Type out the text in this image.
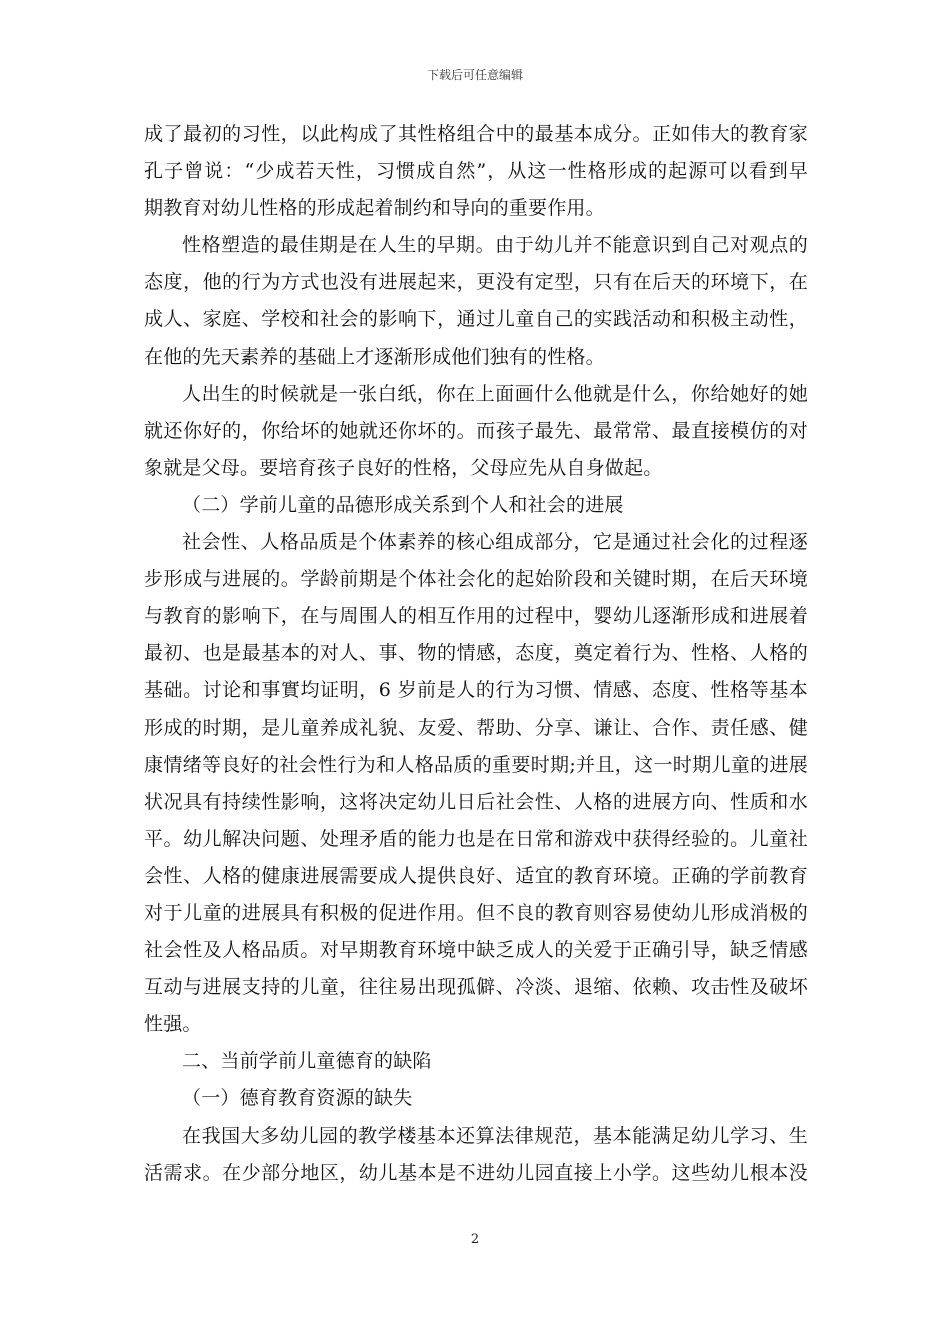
下载后可任意编辑
成了最初的习性，以此构成了其性格组合中的最基本成分。正如伟大的教育家
孔子曾说：“少成若天性，习惯成自然”，从这一性格形成的起源可以看到早
期教育对幼儿性格的形成起着制约和导向的重要作用。
性格塑造的最佳期是在人生的早期。由于幼儿并不能意识到自己对观点的
态度，他的行为方式也没有进展起来，更没有定型，只有在后天的环境下，在
成人、家庭、学校和社会的影响下，通过儿童自己的实践活动和积极主动性，
在他的先天素养的基础上才逐渐形成他们独有的性格。
人出生的时候就是一张白纸，你在上面画什么他就是什么，你给她好的她
就还你好的，你给坏的她就还你坏的。而孩子最先、最常常、最直接模仿的对
象就是父母。要培育孩子良好的性格，父母应先从自身做起。
（二）学前儿童的品德形成关系到个人和社会的进展
社会性、人格品质是个体素养的核心组成部分，它是通过社会化的过程逐
步形成与进展的。学龄前期是个体社会化的起始阶段和关键时期，在后天环境
与教育的影响下，在与周围人的相互作用的过程中，婴幼儿逐渐形成和进展着
最初、也是最基本的对人、事、物的情感，态度，奠定着行为、性格、人格的
基础。讨论和事實均证明，6 岁前是人的行为习惯、情感、态度、性格等基本
形成的时期，是儿童养成礼貌、友爱、帮助、分享、谦让、合作、责任感、健
康情绪等良好的社会性行为和人格品质的重要时期;并且，这一时期儿童的进展
状况具有持续性影响，这将决定幼儿日后社会性、人格的进展方向、性质和水
平。幼儿解决问题、处理矛盾的能力也是在日常和游戏中获得经验的。儿童社
会性、人格的健康进展需要成人提供良好、适宜的教育环境。正确的学前教育
对于儿童的进展具有积极的促进作用。但不良的教育则容易使幼儿形成消极的
社会性及人格品质。对早期教育环境中缺乏成人的关爱于正确引导，缺乏情感
互动与进展支持的儿童，往往易出现孤僻、冷淡、退缩、依赖、攻击性及破坏
性强。
二、当前学前儿童德育的缺陷
（一）德育教育资源的缺失
在我国大多幼儿园的教学楼基本还算法律规范，基本能满足幼儿学习、生
活需求。在少部分地区，幼儿基本是不进幼儿园直接上小学。这些幼儿根本没
2
